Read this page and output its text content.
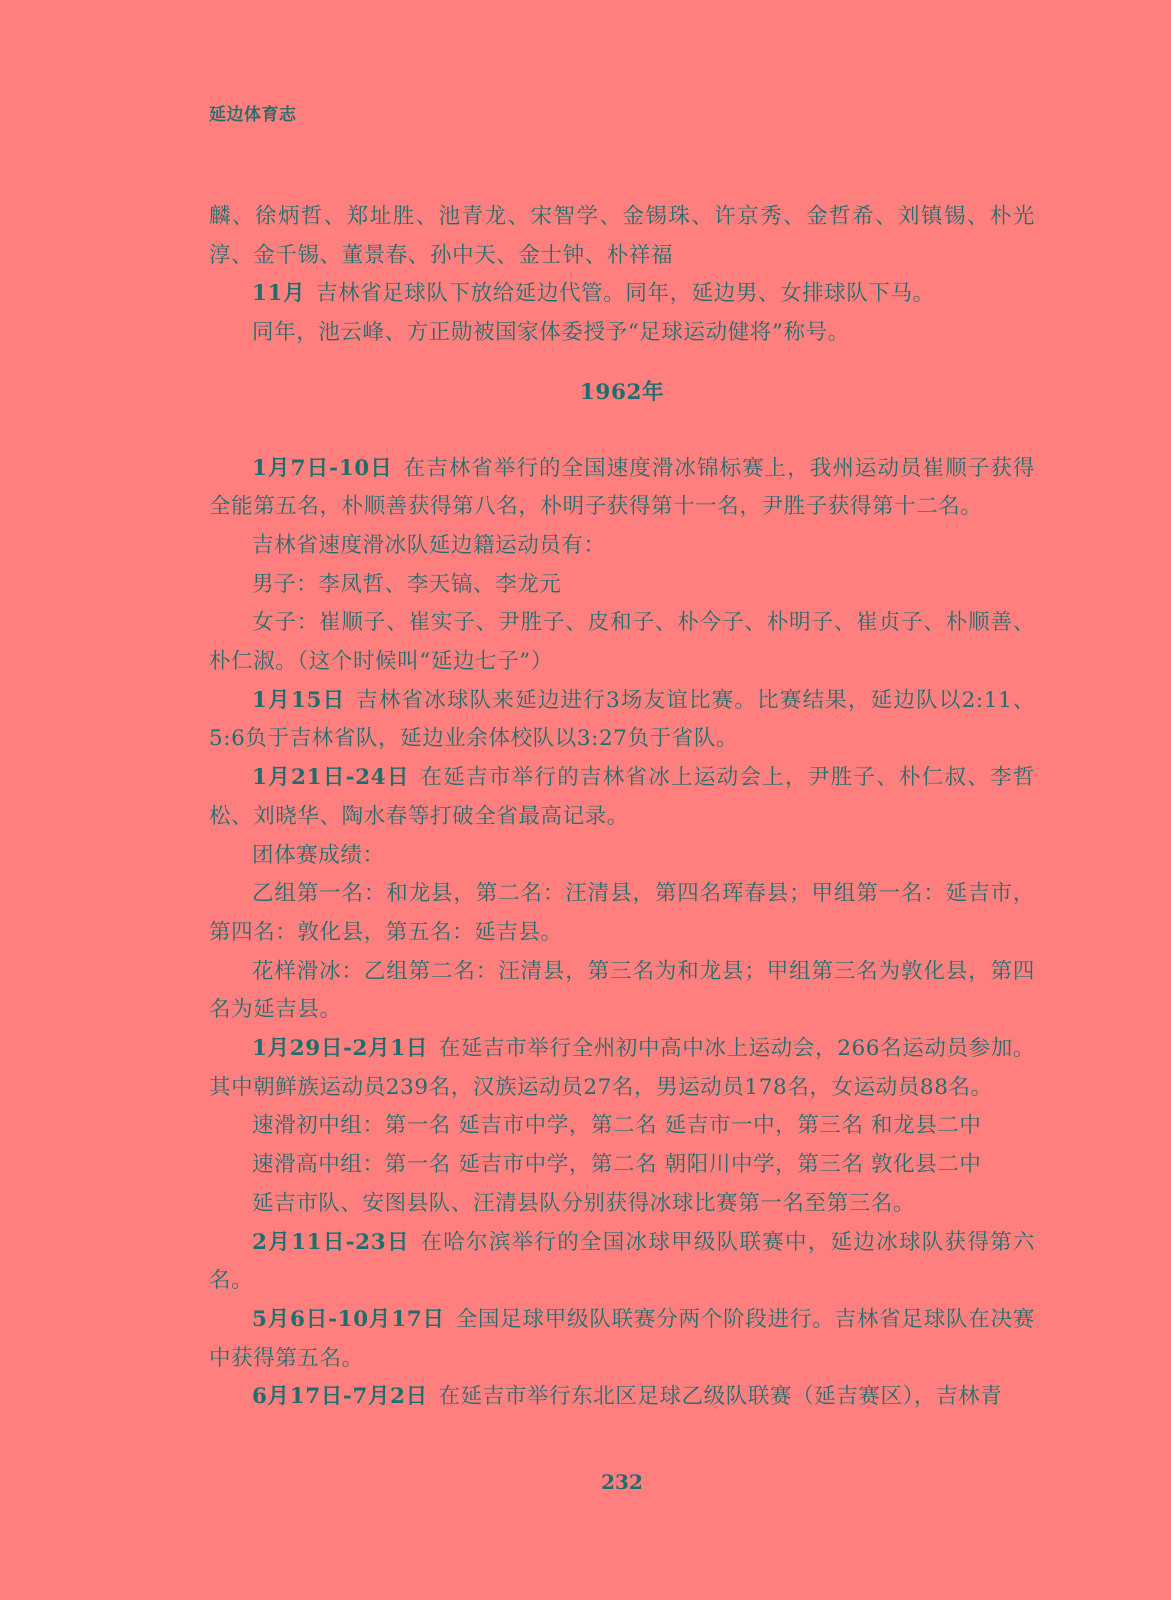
延边体育志

麟、徐炳哲、郑址胜、池青龙、宋智学、金锡珠、许京秀、金哲希、刘镇锡、朴光淳、金千锡、董景春、孙中天、金士钟、朴祥福

11月 吉林省足球队下放给延边代管。同年，延边男、女排球队下马。

同年，池云峰、方正勋被国家体委授予“足球运动健将”称号。

1962年

1月7日-10日 在吉林省举行的全国速度滑冰锦标赛上，我州运动员崔顺子获得全能第五名，朴顺善获得第八名，朴明子获得第十一名，尹胜子获得第十二名。

吉林省速度滑冰队延边籍运动员有：

男子：李凤哲、李天镐、李龙元

女子：崔顺子、崔实子、尹胜子、皮和子、朴今子、朴明子、崔贞子、朴顺善、朴仁淑。（这个时候叫“延边七子”）

1月15日 吉林省冰球队来延边进行3场友谊比赛。比赛结果，延边队以2:11、5:6负于吉林省队，延边业余体校队以3:27负于省队。

1月21日-24日 在延吉市举行的吉林省冰上运动会上，尹胜子、朴仁叔、李哲松、刘晓华、陶水春等打破全省最高记录。

团体赛成绩：

乙组第一名：和龙县，第二名：汪清县，第四名珲春县；甲组第一名：延吉市，第四名：敦化县，第五名：延吉县。

花样滑冰：乙组第二名：汪清县，第三名为和龙县；甲组第三名为敦化县，第四名为延吉县。

1月29日-2月1日 在延吉市举行全州初中高中冰上运动会，266名运动员参加。其中朝鲜族运动员239名，汉族运动员27名，男运动员178名，女运动员88名。

速滑初中组：第一名 延吉市中学，第二名 延吉市一中，第三名 和龙县二中

速滑高中组：第一名 延吉市中学，第二名 朝阳川中学，第三名 敦化县二中

延吉市队、安图县队、汪清县队分别获得冰球比赛第一名至第三名。

2月11日-23日 在哈尔滨举行的全国冰球甲级队联赛中，延边冰球队获得第六名。

5月6日-10月17日 全国足球甲级队联赛分两个阶段进行。吉林省足球队在决赛中获得第五名。

6月17日-7月2日 在延吉市举行东北区足球乙级队联赛（延吉赛区），吉林青

232
